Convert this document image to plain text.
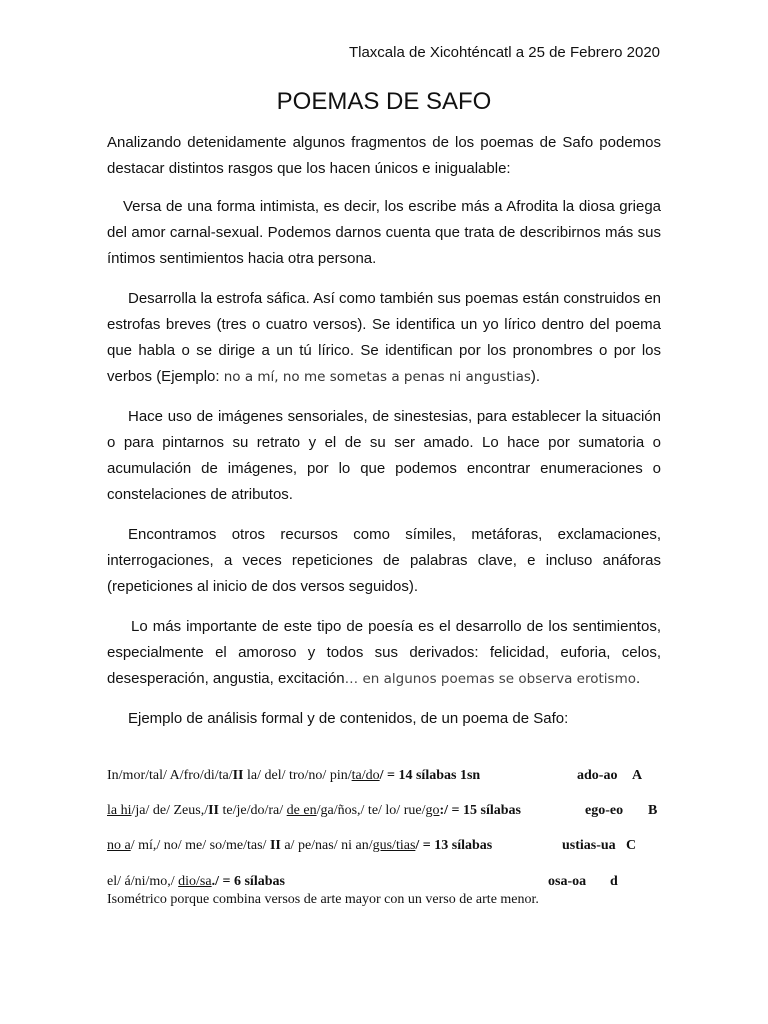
Tlaxcala de Xicohténcatl a 25 de Febrero 2020

POEMAS DE SAFO

Analizando detenidamente algunos fragmentos de los poemas de Safo podemos destacar distintos rasgos que los hacen únicos e inigualable:

Versa de una forma intimista, es decir, los escribe más a Afrodita la diosa griega del amor carnal-sexual. Podemos darnos cuenta que trata de describirnos más sus íntimos sentimientos hacia otra persona.

Desarrolla la estrofa sáfica. Así como también sus poemas están construidos en estrofas breves (tres o cuatro versos). Se identifica un yo lírico dentro del poema que habla o se dirige a un tú lírico. Se identifican por los pronombres o por los verbos (Ejemplo: no a mí, no me sometas a penas ni angustias).

Hace uso de imágenes sensoriales, de sinestesias, para establecer la situación o para pintarnos su retrato y el de su ser amado. Lo hace por sumatoria o acumulación de imágenes, por lo que podemos encontrar enumeraciones o constelaciones de atributos.

Encontramos otros recursos como símiles, metáforas, exclamaciones, interrogaciones, a veces repeticiones de palabras clave, e incluso anáforas (repeticiones al inicio de dos versos seguidos).

Lo más importante de este tipo de poesía es el desarrollo de los sentimientos, especialmente el amoroso y todos sus derivados: felicidad, euforia, celos, desesperación, angustia, excitación… en algunos poemas se observa erotismo.

Ejemplo de análisis formal y de contenidos, de un poema de Safo:

In/mor/tal/ A/fro/di/ta/II la/ del/ tro/no/ pin/ta/do/ = 14 sílabas 1sn	ado-ao A
la hi/ja/ de/ Zeus,/II te/je/do/ra/ de en/ga/ños,/ te/ lo/ rue/go:/ = 15 sílabas	ego-eo B
no a/ mí,/ no/ me/ so/me/tas/ II a/ pe/nas/ ni an/gus/tias/ = 13 sílabas	ustias-ua C
el/ á/ni/mo,/ dio/sa./ = 6 sílabas	osa-oa d

Isométrico porque combina versos de arte mayor con un verso de arte menor.
